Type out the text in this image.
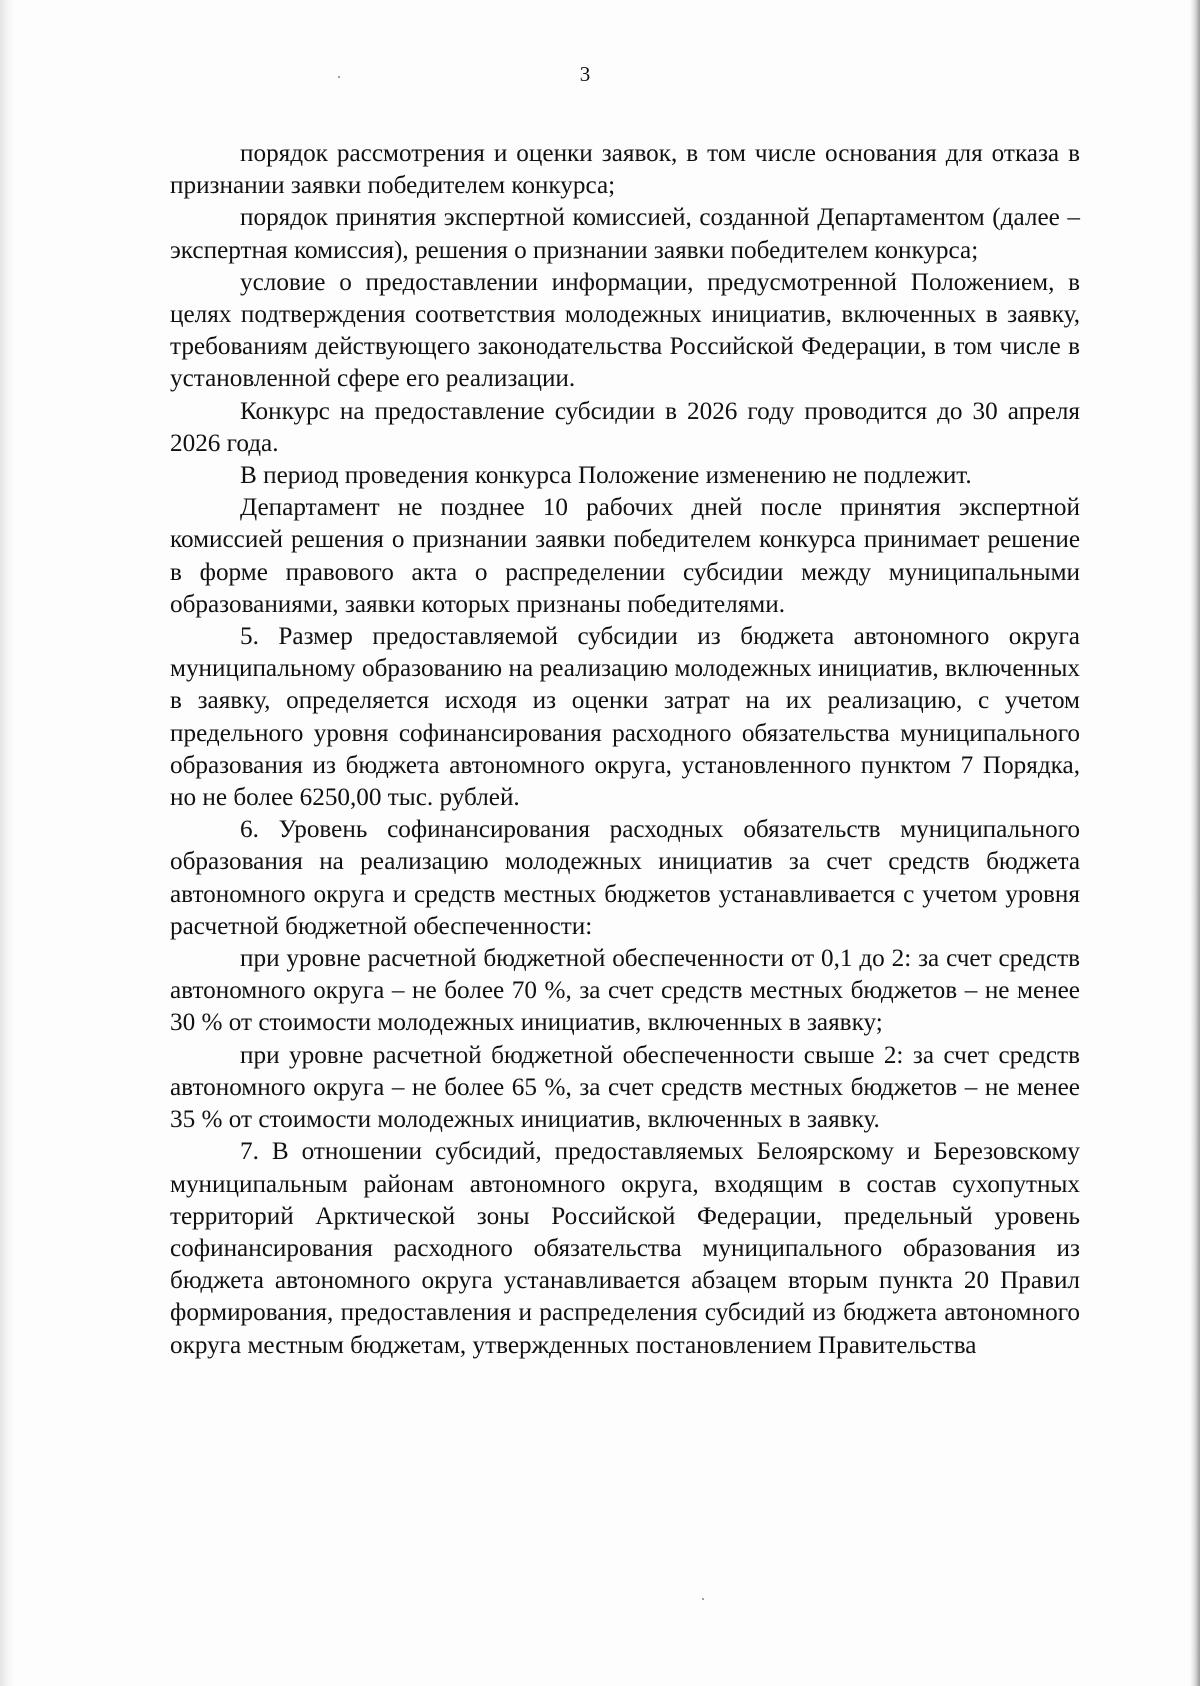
3

порядок рассмотрения и оценки заявок, в том числе основания для отказа в признании заявки победителем конкурса;

порядок принятия экспертной комиссией, созданной Департаментом (далее – экспертная комиссия), решения о признании заявки победителем конкурса;

условие о предоставлении информации, предусмотренной Положением, в целях подтверждения соответствия молодежных инициатив, включенных в заявку, требованиям действующего законодательства Российской Федерации, в том числе в установленной сфере его реализации.

Конкурс на предоставление субсидии в 2026 году проводится до 30 апреля 2026 года.

В период проведения конкурса Положение изменению не подлежит.

Департамент не позднее 10 рабочих дней после принятия экспертной комиссией решения о признании заявки победителем конкурса принимает решение в форме правового акта о распределении субсидии между муниципальными образованиями, заявки которых признаны победителями.

5. Размер предоставляемой субсидии из бюджета автономного округа муниципальному образованию на реализацию молодежных инициатив, включенных в заявку, определяется исходя из оценки затрат на их реализацию, с учетом предельного уровня софинансирования расходного обязательства муниципального образования из бюджета автономного округа, установленного пунктом 7 Порядка, но не более 6250,00 тыс. рублей.

6. Уровень софинансирования расходных обязательств муниципального образования на реализацию молодежных инициатив за счет средств бюджета автономного округа и средств местных бюджетов устанавливается с учетом уровня расчетной бюджетной обеспеченности:

при уровне расчетной бюджетной обеспеченности от 0,1 до 2: за счет средств автономного округа – не более 70 %, за счет средств местных бюджетов – не менее 30 % от стоимости молодежных инициатив, включенных в заявку;

при уровне расчетной бюджетной обеспеченности свыше 2: за счет средств автономного округа – не более 65 %, за счет средств местных бюджетов – не менее 35 % от стоимости молодежных инициатив, включенных в заявку.

7. В отношении субсидий, предоставляемых Белоярскому и Березовскому муниципальным районам автономного округа, входящим в состав сухопутных территорий Арктической зоны Российской Федерации, предельный уровень софинансирования расходного обязательства муниципального образования из бюджета автономного округа устанавливается абзацем вторым пункта 20 Правил формирования, предоставления и распределения субсидий из бюджета автономного округа местным бюджетам, утвержденных постановлением Правительства
